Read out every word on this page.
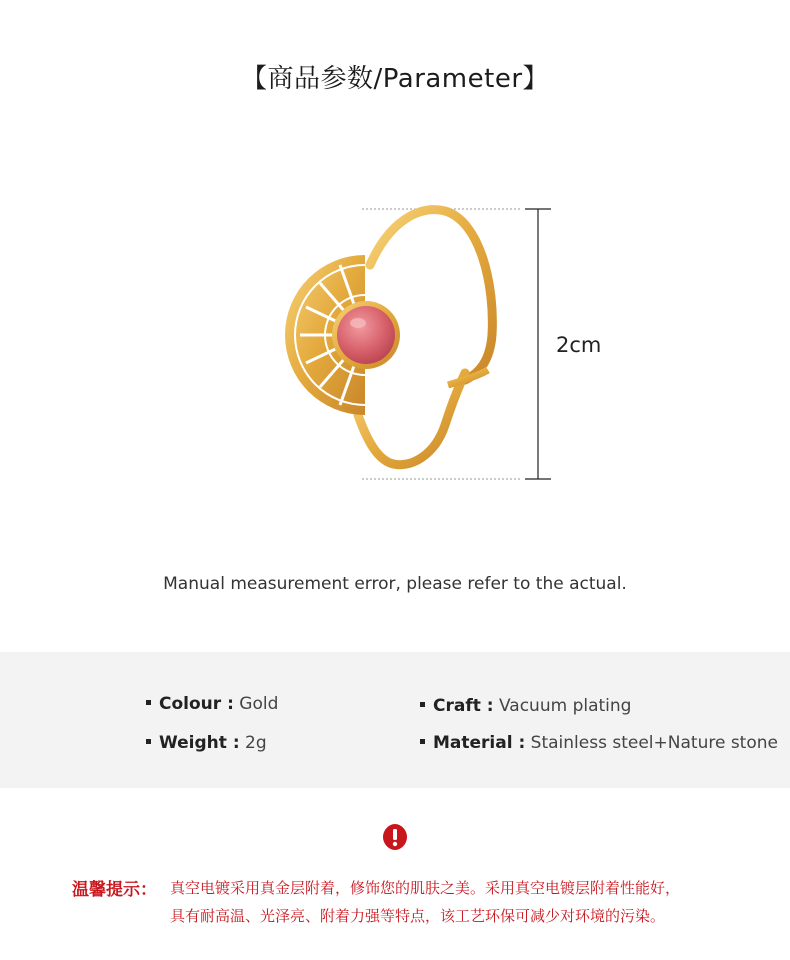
【商品参数/Parameter】
2cm
Manual measurement error, please refer to the actual.
Colour : Gold	Craft : Vacuum plating
Weight : 2g	Material : Stainless steel+Nature stone
温馨提示： 真空电镀采用真金层附着，修饰您的肌肤之美。采用真空电镀层附着性能好，
具有耐高温、光泽亮、附着力强等特点，该工艺环保可减少对环境的污染。
